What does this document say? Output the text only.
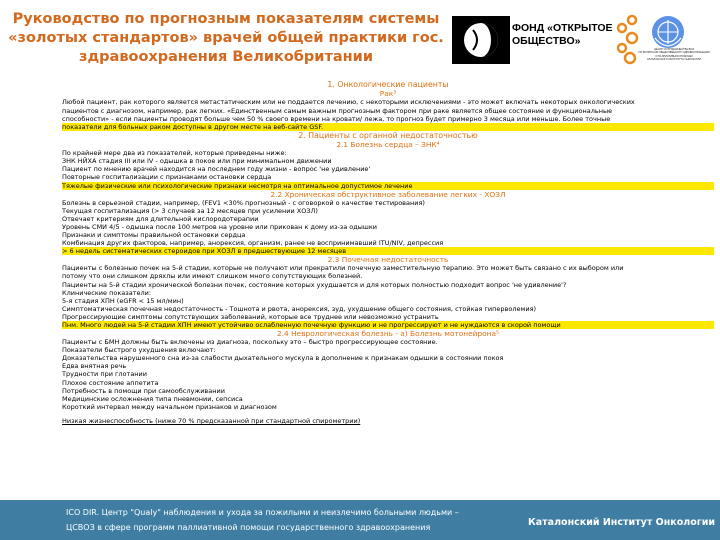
Руководство по прогнозным показателям системы
«золотых стандартов» врачей общей практики гос.
здравоохранения Великобритании
ФОНД «ОТКРЫТОЕ
ОБЩЕСТВО»
ЦЕНТР СОТРУДНИЧЕСТВА ВОЗ
ПО ВОПРОСАМ ОБЩЕСТВЕННОГО ЗДРАВООХРАНЕНИЯ
И ПАЛЛИАТИВНОЙ ПОМОЩИ
КАТАЛОНСКОГО ИНСТИТУТА ОНКОЛОГИИ
1. Онкологические пациенты
Рак³
Любой пациент, рак которого является метастатическим или не поддается лечению, с некоторыми исключениями - это может включать некоторых онкологических
пациентов с диагнозом, например, рак легких. «Единственным самым важным прогнозным фактором при раке является общее состояние и функциональные
способности» - если пациенты проводят больше чем 50 % своего времени на кровати/ лежа, то прогноз будет примерно 3 месяца или меньше. Более точные
показатели для больных раком доступны в другом месте на веб-сайте GSF.
2. Пациенты с органной недостаточностью
2.1 Болезнь сердца – ЗНК⁴
По крайней мере два из показателей, которые приведены ниже:
ЗНК НЙХА стадия III или IV - одышка в покое или при минимальном движении
Пациент по мнению врачей находится на последнем году жизни - вопрос 'не удивление'
Повторные госпитализации с признаками остановки сердца
Тяжелые физические или психологические признаки несмотря на оптимальное допустимое лечение
2.2 Хроническая обструктивное заболевание легких - ХОЗЛ
Болезнь в серьезной стадии, например, (FEV1 <30% прогнозный - с оговоркой о качестве тестирования)
Текущая госпитализация (> 3 случаев за 12 месяцев при усилении ХОЗЛ)
Отвечает критериям для длительной кислородотерапии
Уровень СМИ 4/5 - одышка после 100 метров на уровне или прикован к дому из-за одышки
Признаки и симптомы правильной остановки сердца
Комбинация других факторов, например, анорексия, организм, ранее не воспринимавший ITU/NIV, депрессия
> 6 недель систематических стероидов при ХОЗЛ в предшествующие 12 месяцев
2.3 Почечная недостаточность
Пациенты с болезнью почек на 5-й стадии, которые не получают или прекратили почечную заместительную терапию. Это может быть связано с их выбором или
потому что они слишком дряхлы или имеют слишком много сопутствующих болезней.
Пациенты на 5-й стадии хронической болезни почек, состояние которых ухудшается и для которых полностью подходит вопрос 'не удивление'?
Клинические показатели:
5-я стадия ХПН (eGFR < 15 мл/мин)
Симптоматическая почечная недостаточность - Тошнота и рвота, анорексия, зуд, ухудшение общего состояния, стойкая гиперволемия)
Прогрессирующие симптомы сопутствующих заболеваний, которые все труднее или невозможно устранить
Пнм. Много людей на 5-й стадии ХПН имеют устойчиво ослабленную почечную функцию и не прогрессируют и не нуждаются в скорой помощи
2.4 Неврологическая болезнь - а) Болезнь мотонейрона⁵
Пациенты с БМН должны быть включены из диагноза, поскольку это – быстро прогрессирующее состояние.
Показатели быстрого ухудшения включают:
Доказательства нарушенного сна из-за слабости дыхательного мускула в дополнение к признакам одышки в состоянии покоя
Едва внятная речь
Трудности при глотании
Плохое состояние аппетита
Потребность в помощи при самообслуживании
Медицинские осложнения типа пневмонии, сепсиса
Короткий интервал между начальном признаков и диагнозом
Низкая жизнеспособность (ниже 70 % предсказанной при стандартной спирометрии)
ICO DIR. Центр "Qualy" наблюдения и ухода за пожилыми и неизлечимо больными людьми –
ЦСВОЗ в сфере программ паллиативной помощи государственного здравоохранения	Каталонский Институт Онкологии
